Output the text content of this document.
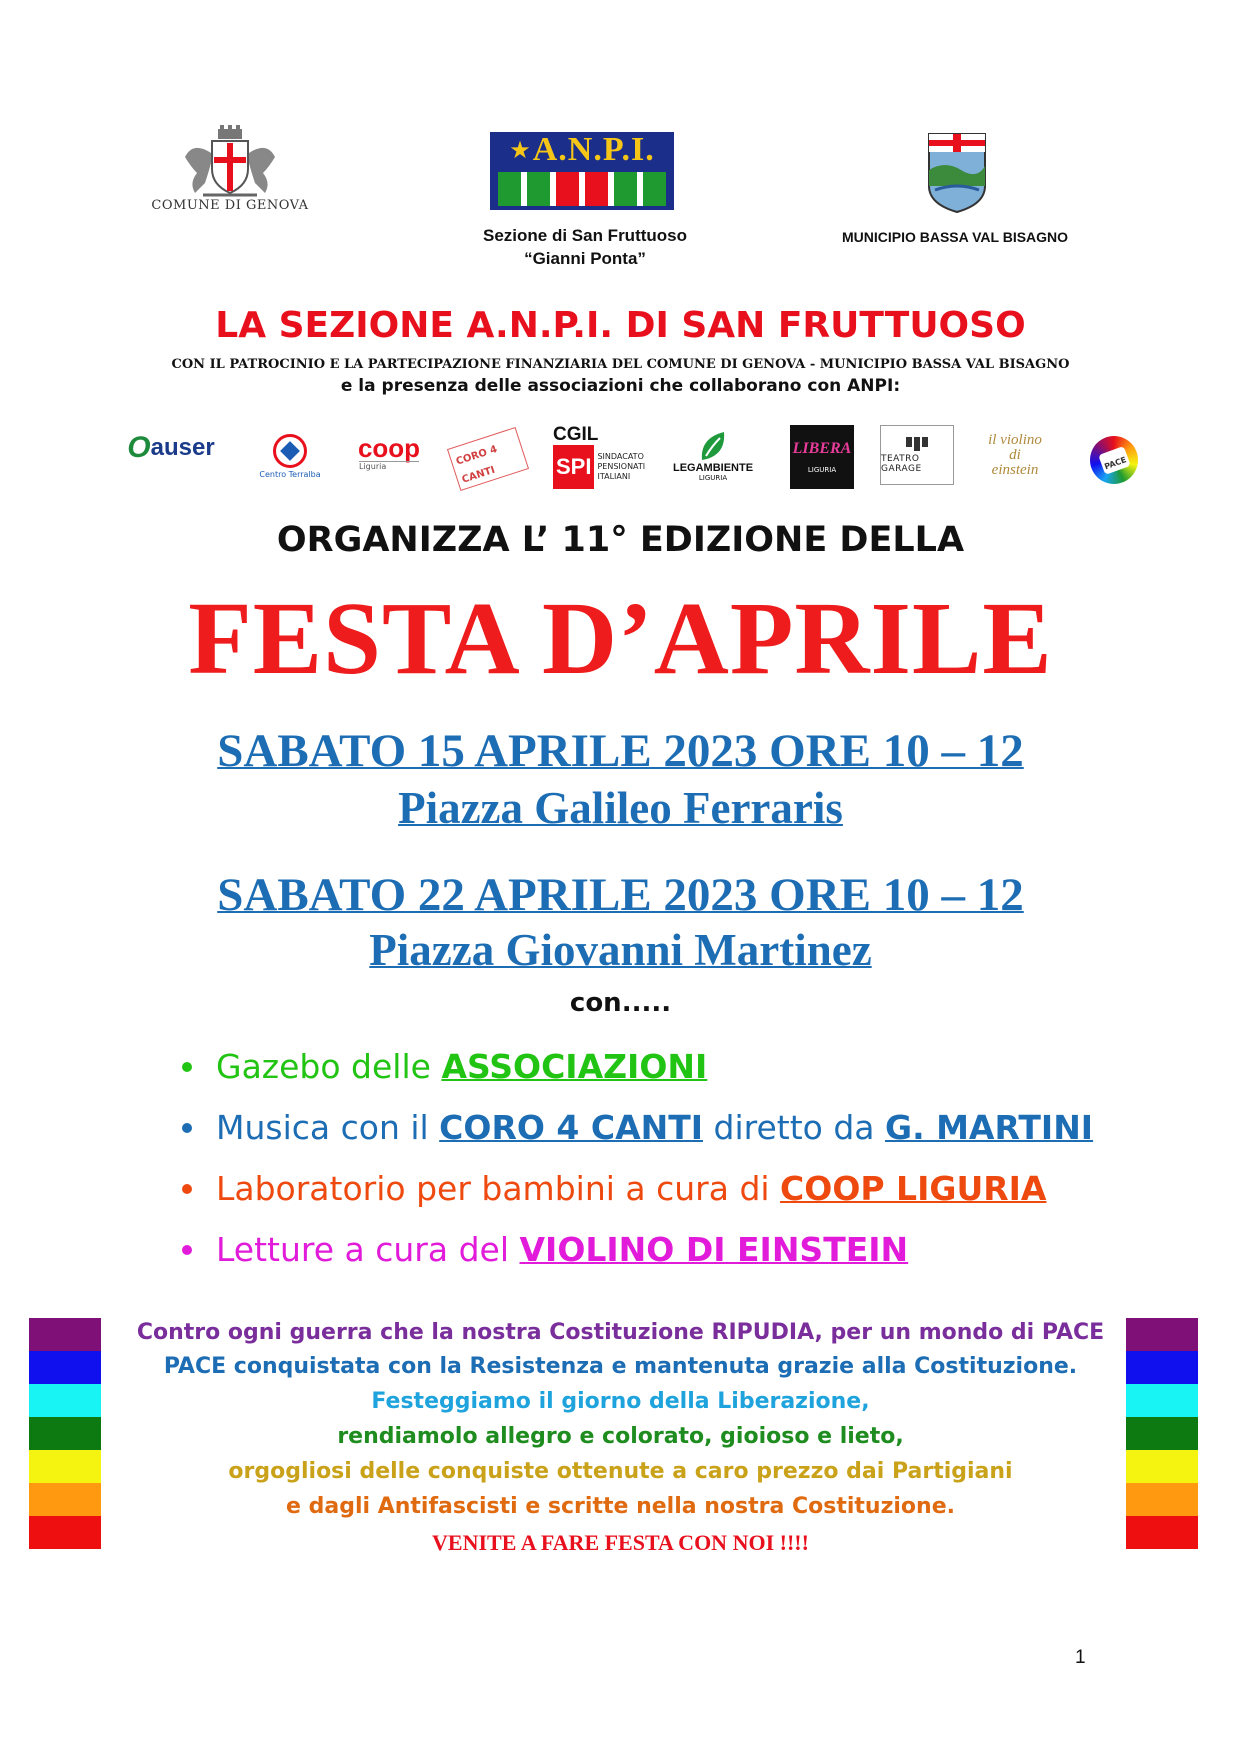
COMUNE DI GENOVA
★ A.N.P.I.
Sezione di San Fruttuoso
“Gianni Ponta”
MUNICIPIO BASSA VAL BISAGNO
LA SEZIONE A.N.P.I. DI SAN FRUTTUOSO
CON IL PATROCINIO E LA PARTECIPAZIONE FINANZIARIA DEL COMUNE DI GENOVA - MUNICIPIO BASSA VAL BISAGNO
e la presenza delle associazioni che collaborano con ANPI:
O auser
Centro Terralba
coop
Liguria	CORO 4 CANTI
CGIL
SPI SINDACATO PENSIONATI ITALIANI
LEGAMBIENTE
LIGURIA
LIBERA
LIGURIA
TEATRO GARAGE
il violino di einstein	PACE
ORGANIZZA L’ 11° EDIZIONE DELLA
FESTA D’APRILE
SABATO 15 APRILE 2023 ORE 10 – 12
Piazza Galileo Ferraris
SABATO 22 APRILE 2023 ORE 10 – 12
Piazza Giovanni Martinez
con.....
Gazebo delle ASSOCIAZIONI
Musica con il CORO 4 CANTI diretto da G. MARTINI
Laboratorio per bambini a cura di COOP LIGURIA
Letture a cura del VIOLINO DI EINSTEIN
Contro ogni guerra che la nostra Costituzione RIPUDIA, per un mondo di PACE
PACE conquistata con la Resistenza e mantenuta grazie alla Costituzione.
Festeggiamo il giorno della Liberazione,
rendiamolo allegro e colorato, gioioso e lieto,
orgogliosi delle conquiste ottenute a caro prezzo dai Partigiani
e dagli Antifascisti e scritte nella nostra Costituzione.
VENITE A FARE FESTA CON NOI !!!!
1
